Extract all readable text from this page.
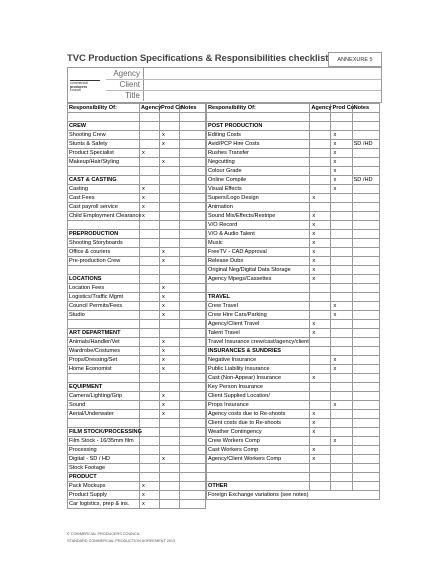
TVC Production Specifications & Responsibilities checklist	ANNEXURE 5
commercial
producers
council
Agency
Client
Title
Responsibility Of:	Agency	Prod Co	Notes

CREW			
Shooting Crew		x	
Stunts & Safety		x	
Product Specialist	x		
Makeup/Hair/Styling		x	

CAST & CASTING			
Casting	x		
Cast Fees	x		
Cast payroll service	x		
Child Employment Clearance	x		

PREPRODUCTION			
Shooting Storyboards			
Office & couriers		x	
Pre-production Crew		x	

LOCATIONS			
Location Fees		x	
Logistics/Traffic Mgmt		x	
Council Permits/Fees		x	
Studio		x	

ART DEPARTMENT			
Animals/Handler/Vet		x	
Wardrobe/Costumes		x	
Props/Dressing/Set		x	
Home Economist		x	

EQUIPMENT			
Camera/Lighting/Grip		x	
Sound		x	
Aerial/Underwater		x	

FILM STOCK/PROCESSING			
Film Stock - 16/35mm film			
Processing			
Digital - SD / HD		x	
Stock Footage			
PRODUCT			
Pack Mockups	x		
Product Supply	x		
Car logistics, prep & ins.	x		
Responsibility Of:	Agency	Prod Co	Notes

POST PRODUCTION			
Editing Costs		x	
Avid/PCP Hire Costs		x	SD /HD
Rushes Transfer		x	
Negcutting		x	
Colour Grade		x	
Online Compile		x	SD /HD
Visual Effects		x	
Supers/Logo Design	x		
Animation			
Sound Mix/Effects/Restripe	x		
V/O Record	x		
V/O & Audio Talent	x		
Music	x		
FreeTV - CAD Approval	x		
Release Dubs	x		
Original Neg/Digital Data Storage	x		
Agency Mpegs/Cassettes	x		

TRAVEL			
Crew Travel		x	
Crew Hire Cars/Parking		x	
Agency/Client Travel	x		
Talent Travel	x		
Travel Insurance crew/cast/agency/client			
INSURANCES & SUNDRIES			
Negative Insurance		x	
Public Liability Insurance		x	
Cast (Non-Appear) Insurance	x		
Key Person Insurance			
Client Supplied Location/			
Props Insurance		x	
Agency costs due to Re-shoots	x		
Client costs due to Re-shoots	x		
Weather Contingency	x		
Crew Workers Comp		x	
Cast Workers Comp	x		
Agency/Client Workers Comp	x		

OTHER			
Foreign Exchange variations (see notes)			
© COMMERCIAL PRODUCERS COUNCIL
STANDARD COMMERCIAL PRODUCTION AGREEMENT 2013
